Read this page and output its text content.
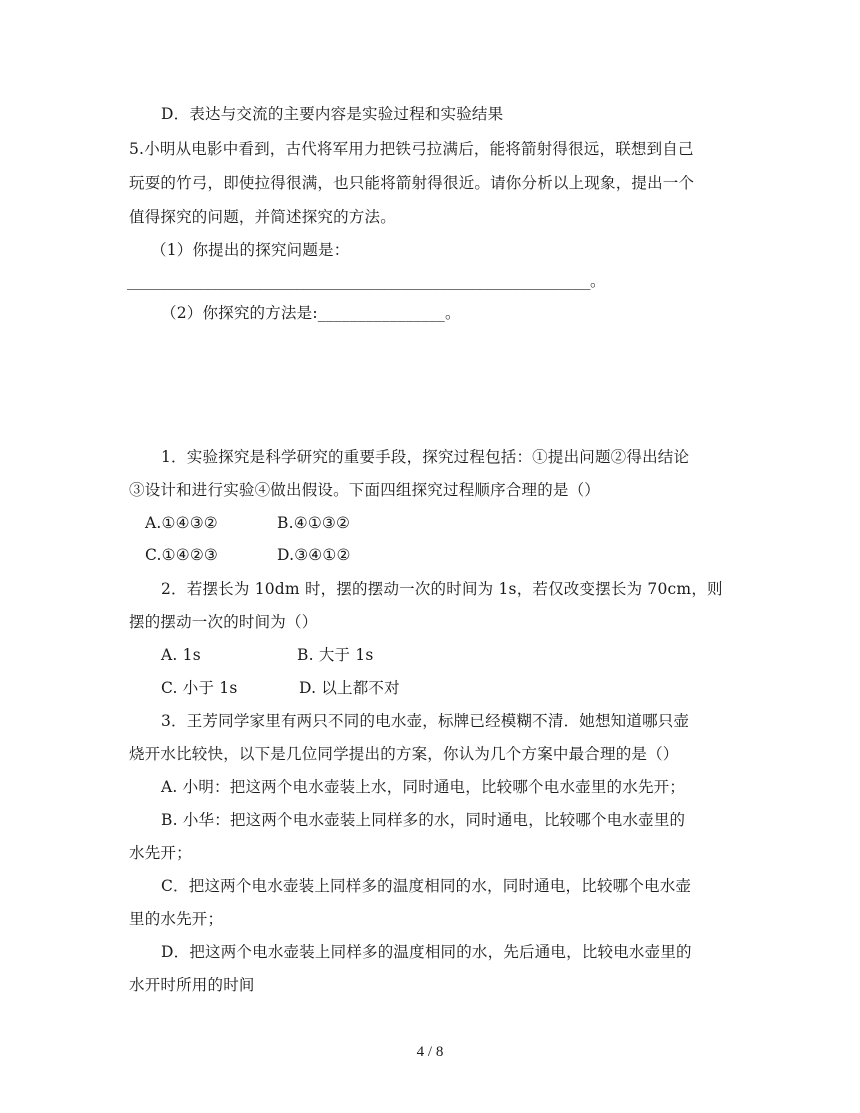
D．表达与交流的主要内容是实验过程和实验结果
5.小明从电影中看到，古代将军用力把铁弓拉满后，能将箭射得很远，联想到自己
玩耍的竹弓，即使拉得很满，也只能将箭射得很近。请你分析以上现象，提出一个
值得探究的问题，并简述探究的方法。
（1）你提出的探究问题是：
_______________________________________________________________。
（2）你探究的方法是:________________。
1．实验探究是科学研究的重要手段，探究过程包括：①提出问题②得出结论
③设计和进行实验④做出假设。下面四组探究过程顺序合理的是（）
A.①④③②	B.④①③②
C.①④②③	D.③④①②
2．若摆长为 10dm 时，摆的摆动一次的时间为 1s，若仅改变摆长为 70cm，则
摆的摆动一次的时间为（）
A. 1s	B. 大于 1s
C. 小于 1s	D. 以上都不对
3．王芳同学家里有两只不同的电水壶，标牌已经模糊不清．她想知道哪只壶
烧开水比较快，以下是几位同学提出的方案，你认为几个方案中最合理的是（）
A. 小明：把这两个电水壶装上水，同时通电，比较哪个电水壶里的水先开；
B. 小华：把这两个电水壶装上同样多的水，同时通电，比较哪个电水壶里的
水先开；
C．把这两个电水壶装上同样多的温度相同的水，同时通电，比较哪个电水壶
里的水先开；
D．把这两个电水壶装上同样多的温度相同的水，先后通电，比较电水壶里的
水开时所用的时间
4 / 8
